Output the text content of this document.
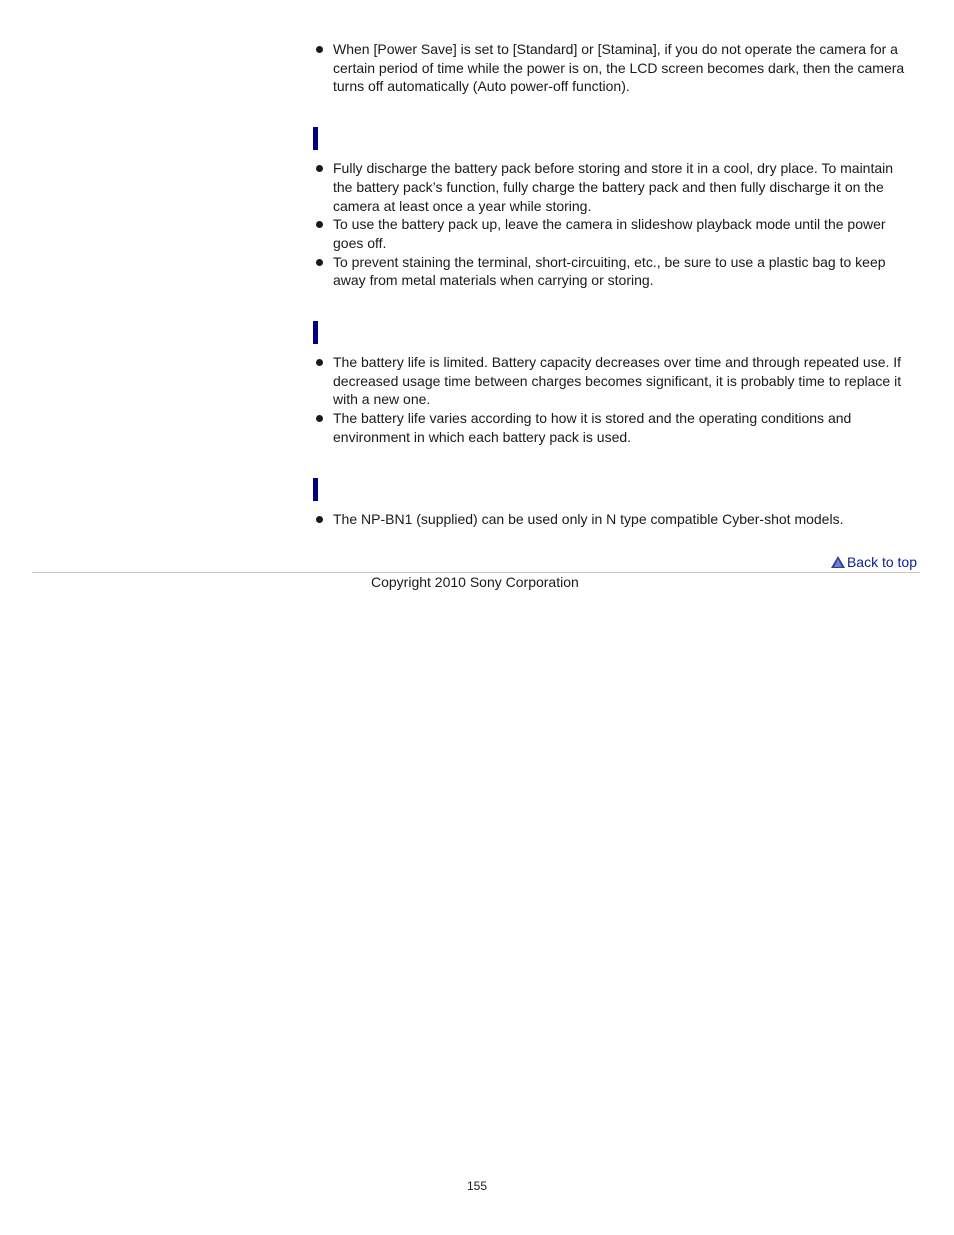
When [Power Save] is set to [Standard] or [Stamina], if you do not operate the camera for a certain period of time while the power is on, the LCD screen becomes dark, then the camera turns off automatically (Auto power-off function).
Fully discharge the battery pack before storing and store it in a cool, dry place. To maintain the battery pack’s function, fully charge the battery pack and then fully discharge it on the camera at least once a year while storing.
To use the battery pack up, leave the camera in slideshow playback mode until the power goes off.
To prevent staining the terminal, short-circuiting, etc., be sure to use a plastic bag to keep away from metal materials when carrying or storing.
The battery life is limited. Battery capacity decreases over time and through repeated use. If decreased usage time between charges becomes significant, it is probably time to replace it with a new one.
The battery life varies according to how it is stored and the operating conditions and environment in which each battery pack is used.
The NP-BN1 (supplied) can be used only in N type compatible Cyber-shot models.
Back to top
Copyright 2010 Sony Corporation
155
